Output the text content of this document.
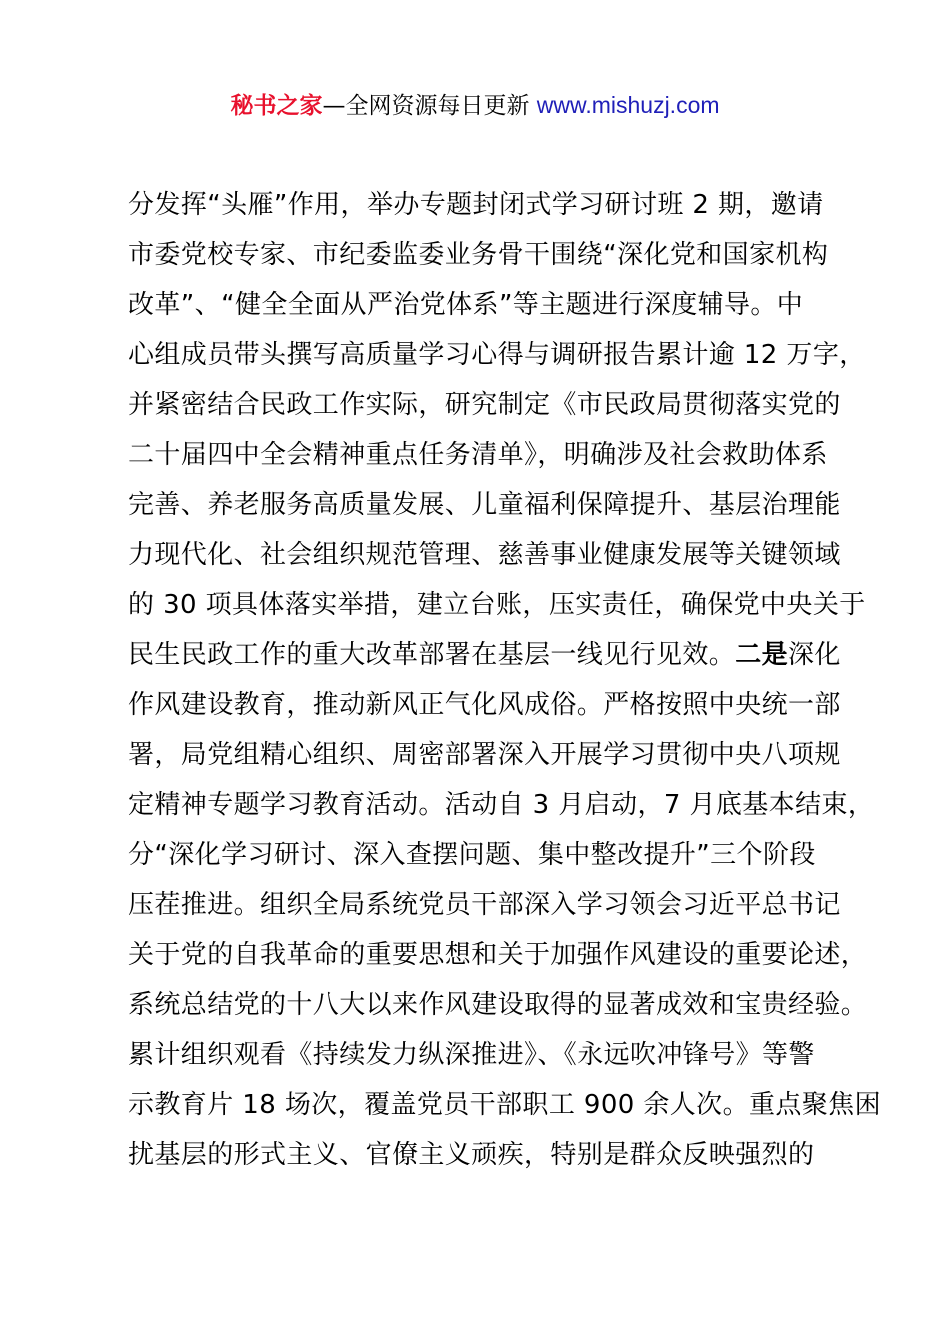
秘书之家—全网资源每日更新 www.mishuzj.com
分发挥“头雁”作用，举办专题封闭式学习研讨班 2 期，邀请
市委党校专家、市纪委监委业务骨干围绕“深化党和国家机构
改革”、“健全全面从严治党体系”等主题进行深度辅导。中
心组成员带头撰写高质量学习心得与调研报告累计逾 12 万字，
并紧密结合民政工作实际，研究制定《市民政局贯彻落实党的
二十届四中全会精神重点任务清单》，明确涉及社会救助体系
完善、养老服务高质量发展、儿童福利保障提升、基层治理能
力现代化、社会组织规范管理、慈善事业健康发展等关键领域
的 30 项具体落实举措，建立台账，压实责任，确保党中央关于
民生民政工作的重大改革部署在基层一线见行见效。二是深化
作风建设教育，推动新风正气化风成俗。严格按照中央统一部
署，局党组精心组织、周密部署深入开展学习贯彻中央八项规
定精神专题学习教育活动。活动自 3 月启动，7 月底基本结束，
分“深化学习研讨、深入查摆问题、集中整改提升”三个阶段
压茬推进。组织全局系统党员干部深入学习领会习近平总书记
关于党的自我革命的重要思想和关于加强作风建设的重要论述，
系统总结党的十八大以来作风建设取得的显著成效和宝贵经验。
累计组织观看《持续发力纵深推进》、《永远吹冲锋号》等警
示教育片 18 场次，覆盖党员干部职工 900 余人次。重点聚焦困
扰基层的形式主义、官僚主义顽疾，特别是群众反映强烈的
